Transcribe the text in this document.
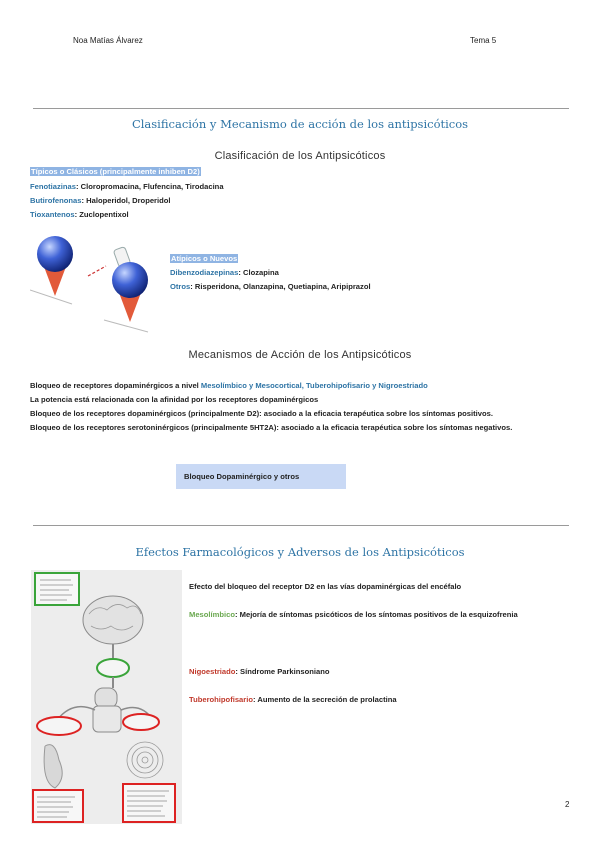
Noa Matías Álvarez	Tema 5
Clasificación y Mecanismo de acción de los antipsicóticos
Clasificación de los Antipsicóticos
Típicos o Clásicos (principalmente inhiben D2)
Fenotiazinas: Cloropromacina, Flufencina, Tirodacina
Butirofenonas: Haloperidol, Droperidol
Tioxantenos: Zuclopentixol
Atípicos o Nuevos
Dibenzodiazepinas: Clozapina
Otros: Risperidona, Olanzapina, Quetiapina, Aripiprazol
Mecanismos de Acción de los Antipsicóticos
Bloqueo de receptores dopaminérgicos a nivel Mesolímbico y Mesocortical, Tuberohipofisario y Nigroestriado
La potencia está relacionada con la afinidad por los receptores dopaminérgicos
Bloqueo de los receptores dopaminérgicos (principalmente D2): asociado a la eficacia terapéutica sobre los síntomas positivos.
Bloqueo de los receptores serotoninérgicos (principalmente 5HT2A): asociado a la eficacia terapéutica sobre los síntomas negativos.
Bloqueo Dopaminérgico y otros
Efectos Farmacológicos y Adversos de los Antipsicóticos
Efecto del bloqueo del receptor D2 en las vías dopaminérgicas del encéfalo
Mesolímbico: Mejoría de síntomas psicóticos de los síntomas positivos de la esquizofrenia
Nigoestriado: Síndrome Parkinsoniano
Tuberohipofisario: Aumento de la secreción de prolactina
2
